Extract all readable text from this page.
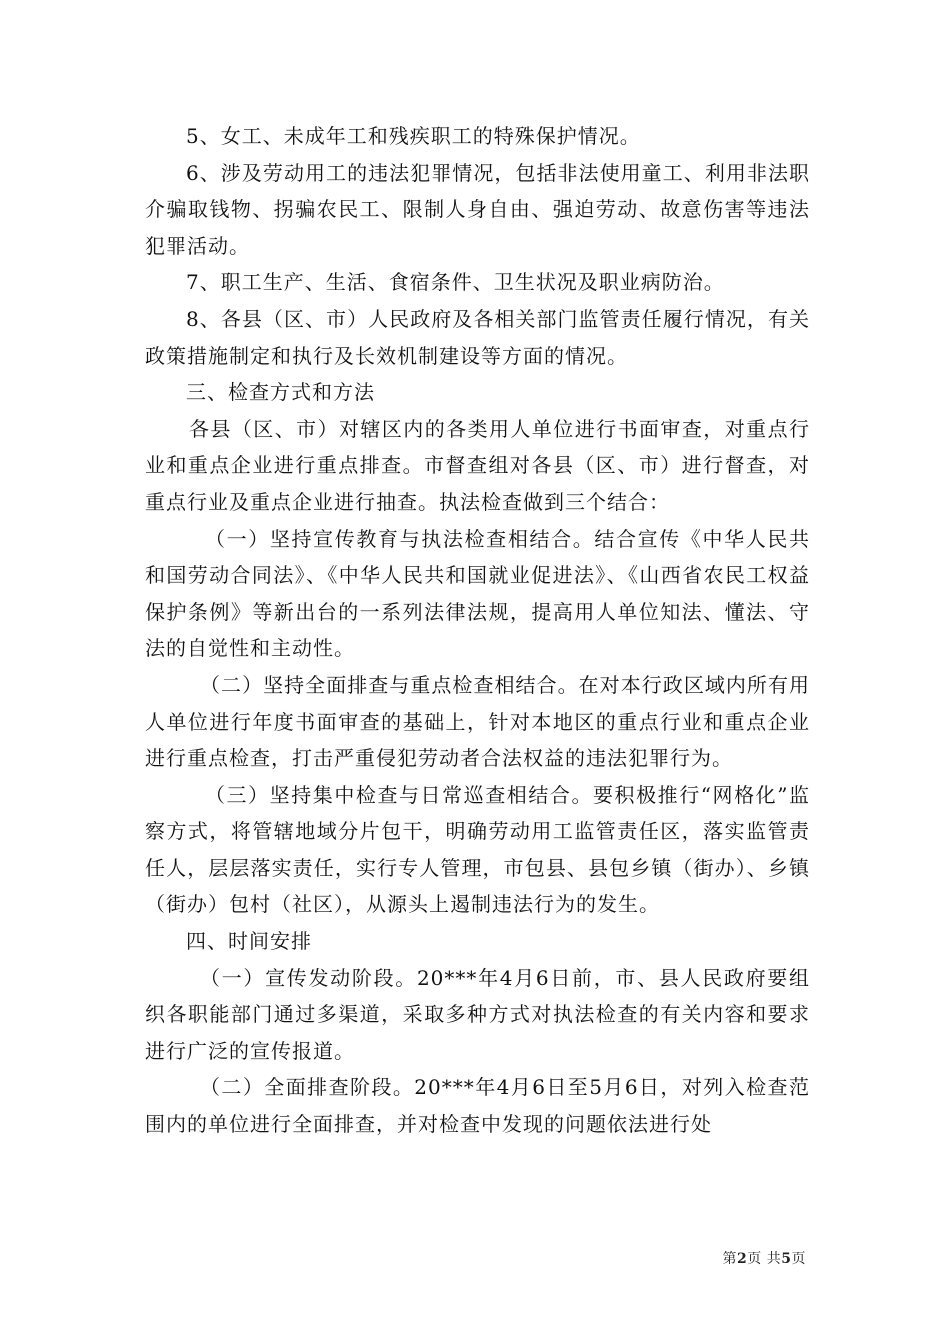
5、女工、未成年工和残疾职工的特殊保护情况。

6、涉及劳动用工的违法犯罪情况，包括非法使用童工、利用非法职介骗取钱物、拐骗农民工、限制人身自由、强迫劳动、故意伤害等违法犯罪活动。

7、职工生产、生活、食宿条件、卫生状况及职业病防治。

8、各县（区、市）人民政府及各相关部门监管责任履行情况，有关政策措施制定和执行及长效机制建设等方面的情况。

三、检查方式和方法

各县（区、市）对辖区内的各类用人单位进行书面审查，对重点行业和重点企业进行重点排查。市督查组对各县（区、市）进行督查，对重点行业及重点企业进行抽查。执法检查做到三个结合：

（一）坚持宣传教育与执法检查相结合。结合宣传《中华人民共和国劳动合同法》、《中华人民共和国就业促进法》、《山西省农民工权益保护条例》等新出台的一系列法律法规，提高用人单位知法、懂法、守法的自觉性和主动性。

（二）坚持全面排查与重点检查相结合。在对本行政区域内所有用人单位进行年度书面审查的基础上，针对本地区的重点行业和重点企业进行重点检查，打击严重侵犯劳动者合法权益的违法犯罪行为。

（三）坚持集中检查与日常巡查相结合。要积极推行“网格化”监察方式，将管辖地域分片包干，明确劳动用工监管责任区，落实监管责任人，层层落实责任，实行专人管理，市包县、县包乡镇（街办）、乡镇（街办）包村（社区），从源头上遏制违法行为的发生。

四、时间安排

（一）宣传发动阶段。20***年4月6日前，市、县人民政府要组织各职能部门通过多渠道，采取多种方式对执法检查的有关内容和要求进行广泛的宣传报道。

（二）全面排查阶段。20***年4月6日至5月6日，对列入检查范围内的单位进行全面排查，并对检查中发现的问题依法进行处

第2页 共5页
